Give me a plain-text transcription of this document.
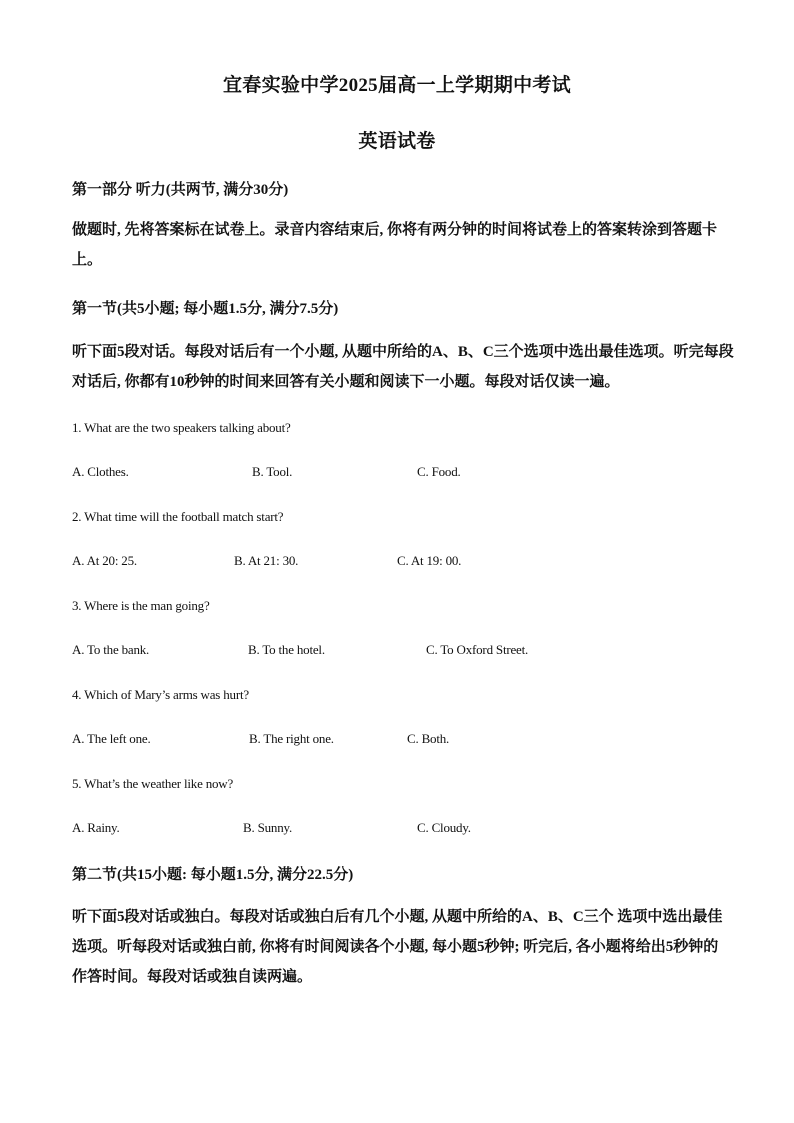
宜春实验中学2025届高一上学期期中考试
英语试卷
第一部分 听力(共两节, 满分30分)
做题时, 先将答案标在试卷上。录音内容结束后, 你将有两分钟的时间将试卷上的答案转涂到答题卡上。
第一节(共5小题; 每小题1.5分, 满分7.5分)
听下面5段对话。每段对话后有一个小题, 从题中所给的A、B、C三个选项中选出最佳选项。听完每段对话后, 你都有10秒钟的时间来回答有关小题和阅读下一小题。每段对话仅读一遍。
1. What are the two speakers talking about?
A. Clothes.	B. Tool.	C. Food.
2. What time will the football match start?
A. At 20: 25.	B. At 21: 30.	C. At 19: 00.
3. Where is the man going?
A. To the bank.	B. To the hotel.	C. To Oxford Street.
4. Which of Mary’s arms was hurt?
A. The left one.	B. The right one.	C. Both.
5. What’s the weather like now?
A. Rainy.	B. Sunny.	C. Cloudy.
第二节(共15小题: 每小题1.5分, 满分22.5分)
听下面5段对话或独白。每段对话或独白后有几个小题, 从题中所给的A、B、C三个 选项中选出最佳选项。听每段对话或独白前, 你将有时间阅读各个小题, 每小题5秒钟; 听完后, 各小题将给出5秒钟的作答时间。每段对话或独自读两遍。
